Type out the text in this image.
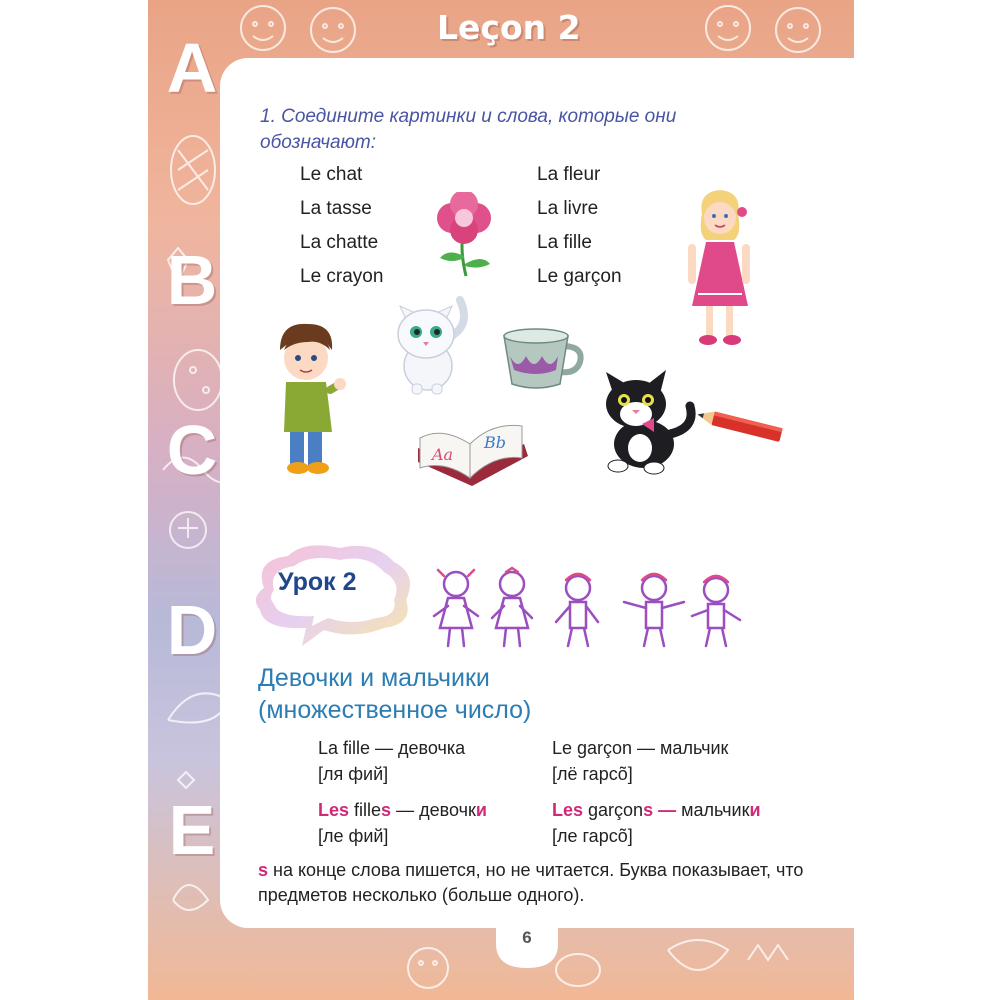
A
B
C
D
E
Leçon 2
1. Соедините картинки и слова, которые они обозначают:
Le chat
La tasse
La chatte
Le crayon
La fleur
La livre
La fille
Le garçon
Aa
Bb
Урок 2
Девочки и мальчики
(множественное число)
La fille — девочка
[ля фий]
Les filles — девочки
[ле фий]
Le garçon — мальчик
[лё гарсõ]
Les garçons — мальчики
[ле гарсõ]
s на конце слова пишется, но не читается. Буква показывает, что предметов несколько (больше одного).
6
